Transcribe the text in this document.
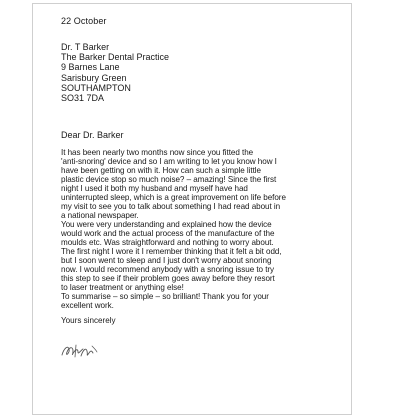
22 October
Dr. T Barker
The Barker Dental Practice
9 Barnes Lane
Sarisbury Green
SOUTHAMPTON
SO31 7DA
Dear Dr. Barker
It has been nearly two months now since you fitted the
'anti-snoring' device and so I am writing to let you know how I
have been getting on with it. How can such a simple little
plastic device stop so much noise? – amazing! Since the first
night I used it both my husband and myself have had
uninterrupted sleep, which is a great improvement on life before
my visit to see you to talk about something I had read about in
a national newspaper.
You were very understanding and explained how the device
would work and the actual process of the manufacture of the
moulds etc. Was straightforward and nothing to worry about.
The first night I wore it I remember thinking that it felt a bit odd,
but I soon went to sleep and I just don't worry about snoring
now. I would recommend anybody with a snoring issue to try
this step to see if their problem goes away before they resort
to laser treatment or anything else!
To summarise – so simple – so brilliant! Thank you for your
excellent work.
Yours sincerely
